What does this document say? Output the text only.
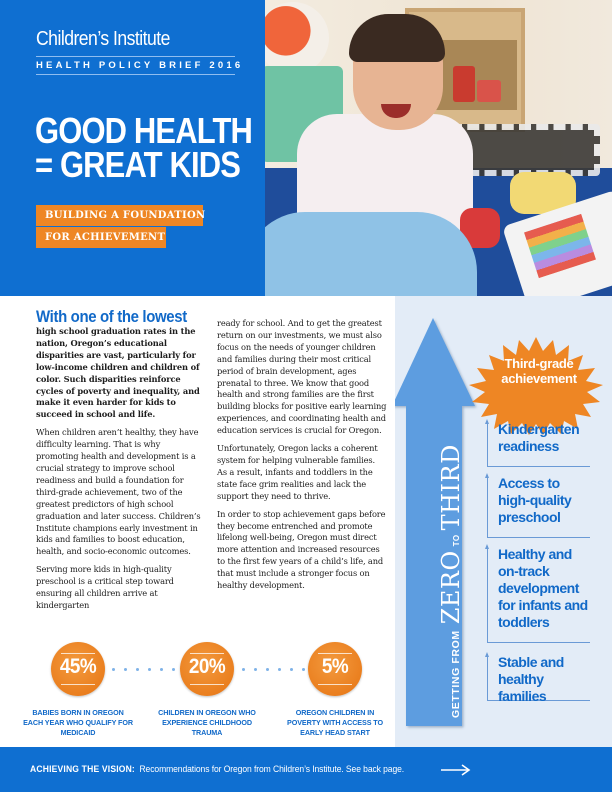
Children’s Institute
HEALTH POLICY BRIEF 2016
GOOD HEALTH
= GREAT KIDS
BUILDING A FOUNDATION
FOR ACHIEVEMENT
With one of the lowest

high school graduation rates in the nation, Oregon’s educational disparities are vast, particularly for low-income children and children of color. Such disparities reinforce cycles of poverty and inequality, and make it even harder for kids to succeed in school and life.

When children aren’t healthy, they have difficulty learning. That is why promoting health and development is a crucial strategy to improve school readiness and build a foundation for third-grade achievement, two of the greatest predictors of high school graduation and later success. Children’s Institute champions early investment in kids and families to boost education, health, and socio-economic outcomes.

Serving more kids in high-quality preschool is a critical step toward ensuring all children arrive at kindergarten

ready for school. And to get the greatest return on our investments, we must also focus on the needs of younger children and families during their most critical period of brain development, ages prenatal to three. We know that good health and strong families are the first building blocks for positive early learning experiences, and coordinating health and education services is crucial for Oregon.

Unfortunately, Oregon lacks a coherent system for helping vulnerable families. As a result, infants and toddlers in the state face grim realities and lack the support they need to thrive.

In order to stop achievement gaps before they become entrenched and promote lifelong well-being, Oregon must direct more attention and increased resources to the first few years of a child’s life, and that must include a stronger focus on healthy development.

45%
BABIES BORN IN OREGON EACH YEAR WHO QUALIFY FOR MEDICAID
20%
CHILDREN IN OREGON WHO EXPERIENCE CHILDHOOD TRAUMA
5%
OREGON CHILDREN IN POVERTY WITH ACCESS TO EARLY HEAD START
Third-grade achievement
GETTING FROM
ZERO
TO
THIRD
Kindergarten readiness
Access to high-quality preschool
Healthy and on-track development for infants and toddlers
Stable and healthy families
ACHIEVING THE VISION: Recommendations for Oregon from Children’s Institute. See back page.
